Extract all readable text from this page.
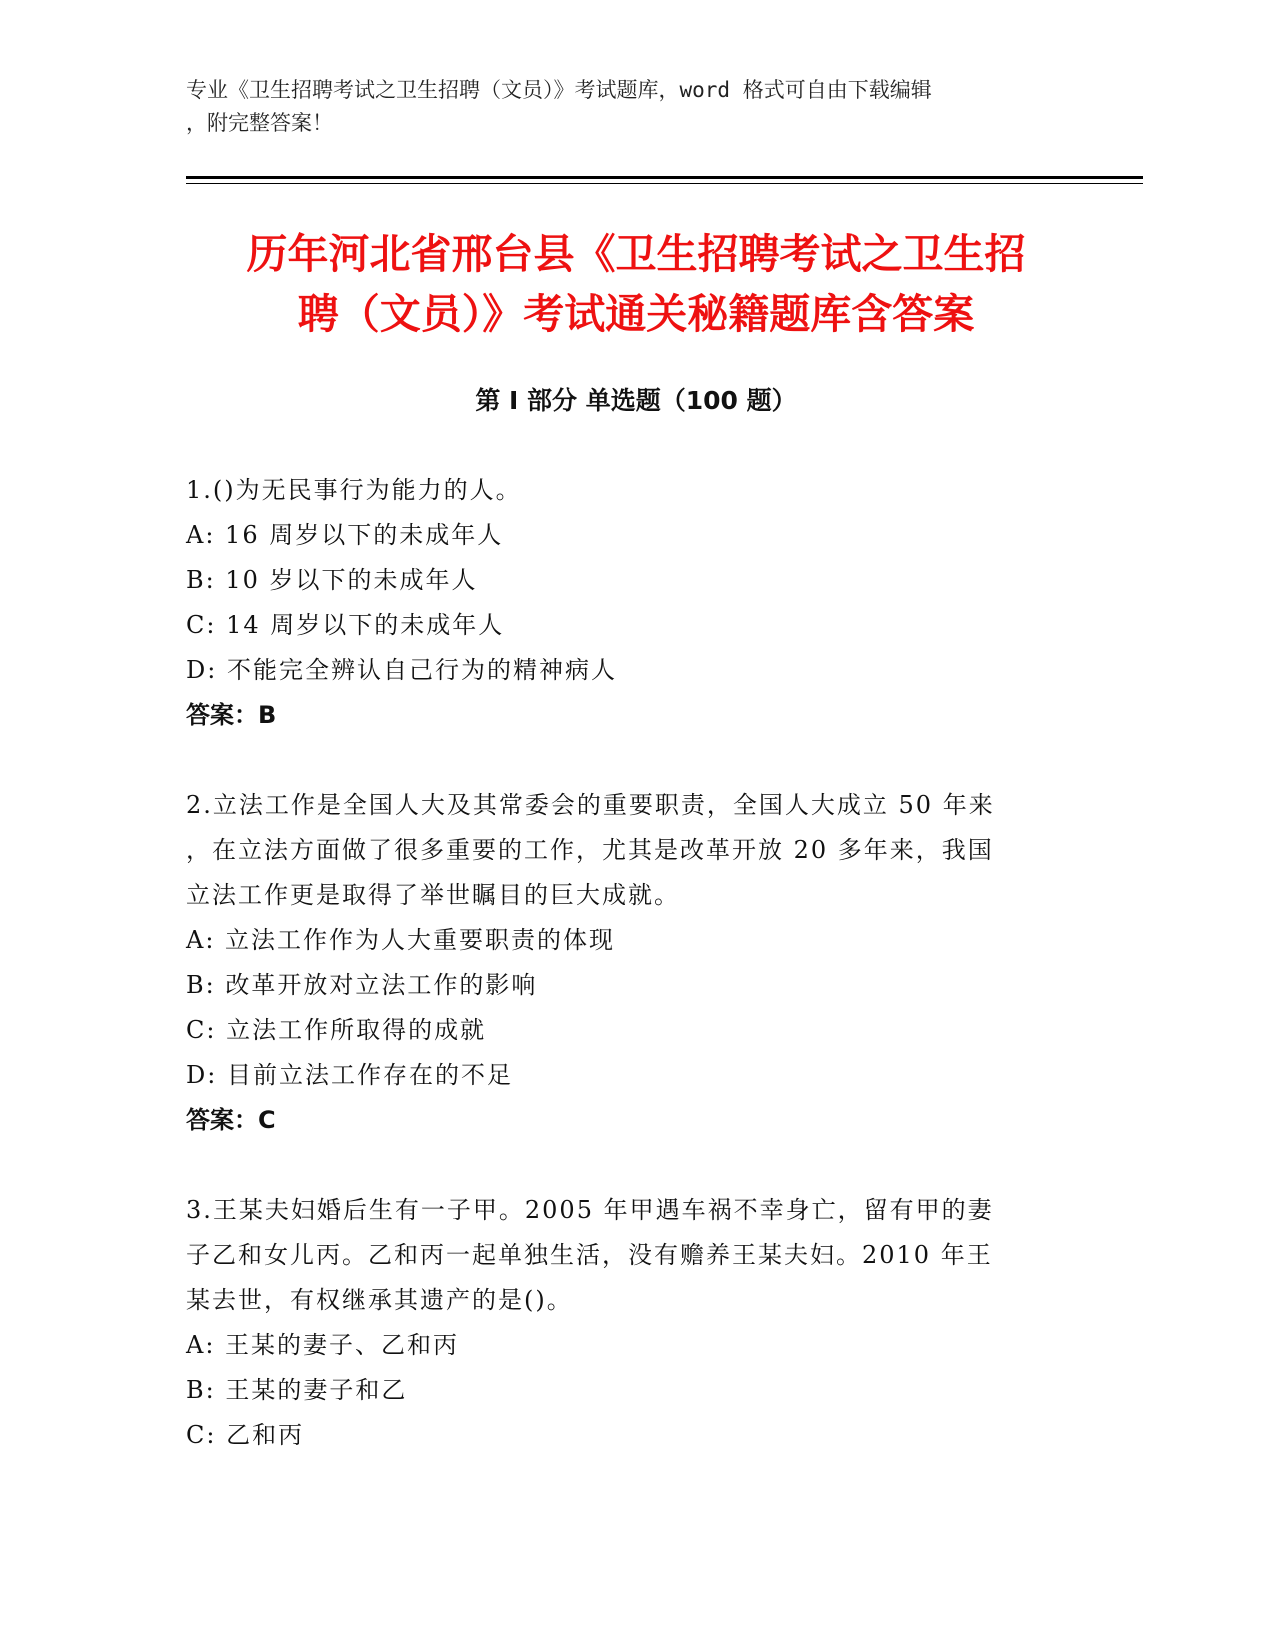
专业《卫生招聘考试之卫生招聘（文员）》考试题库，word 格式可自由下载编辑
，附完整答案！
历年河北省邢台县《卫生招聘考试之卫生招
聘（文员）》考试通关秘籍题库含答案
第 I 部分 单选题（100 题）

1.()为无民事行为能力的人。

A: 16 周岁以下的未成年人

B: 10 岁以下的未成年人

C: 14 周岁以下的未成年人

D: 不能完全辨认自己行为的精神病人

答案：B

2.立法工作是全国人大及其常委会的重要职责，全国人大成立 50 年来

，在立法方面做了很多重要的工作，尤其是改革开放 20 多年来，我国

立法工作更是取得了举世瞩目的巨大成就。

A: 立法工作作为人大重要职责的体现

B: 改革开放对立法工作的影响

C: 立法工作所取得的成就

D: 目前立法工作存在的不足

答案：C

3.王某夫妇婚后生有一子甲。2005 年甲遇车祸不幸身亡，留有甲的妻

子乙和女儿丙。乙和丙一起单独生活，没有赡养王某夫妇。2010 年王

某去世，有权继承其遗产的是()。

A: 王某的妻子、乙和丙

B: 王某的妻子和乙

C: 乙和丙
